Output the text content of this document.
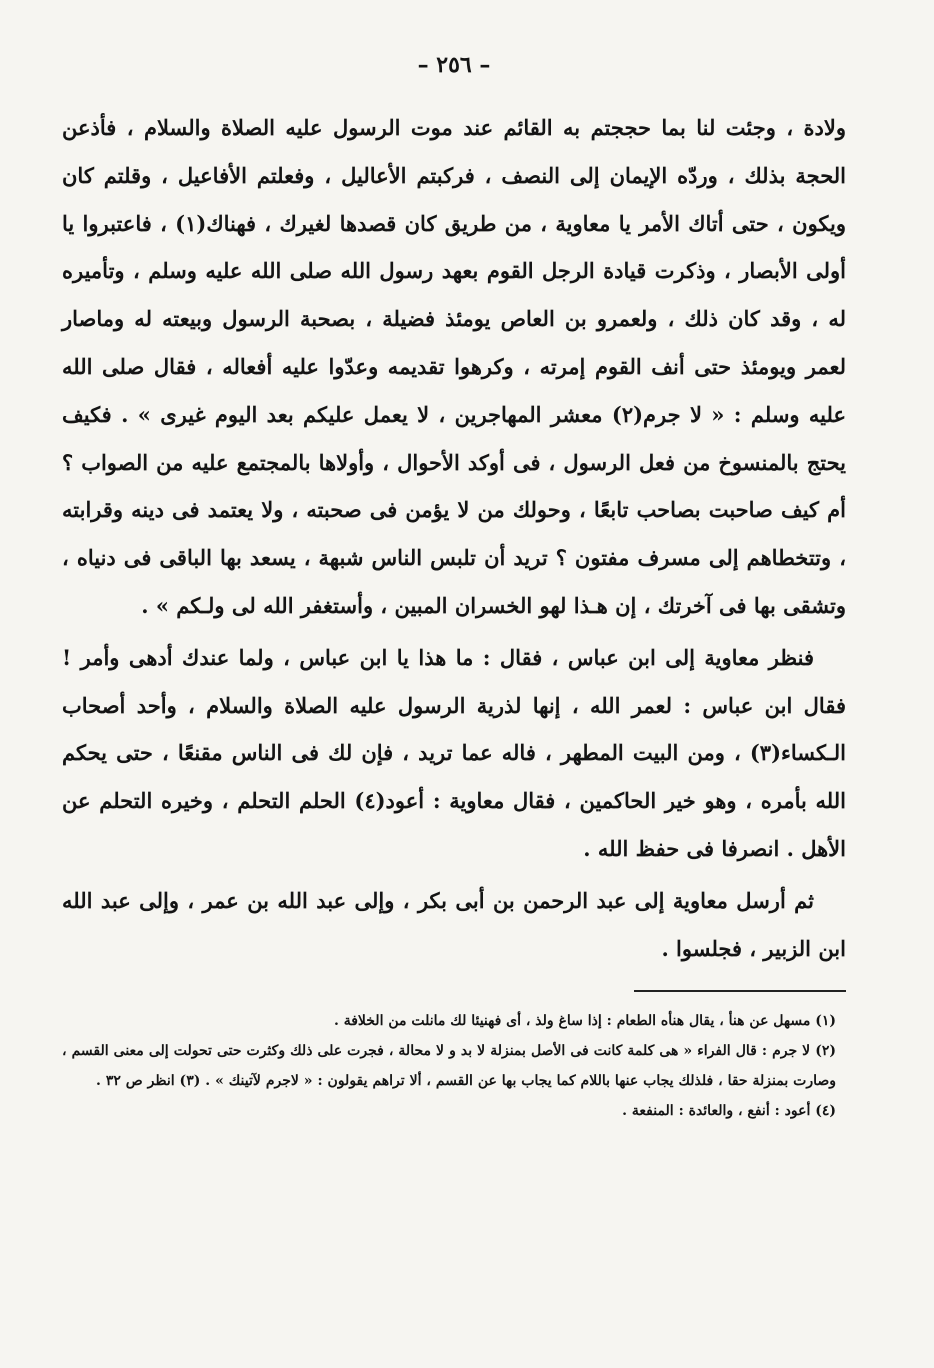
– ٢٥٦ –

ولادة ، وجئت لنا بما حججتم به القائم عند موت الرسول عليه الصلاة والسلام ، فأذعن الحجة بذلك ، وردّه الإيمان إلى النصف ، فركبتم الأعاليل ، وفعلتم الأفاعيل ، وقلتم كان ويكون ، حتى أتاك الأمر يا معاوية ، من طريق كان قصدها لغيرك ، فهناك(١) ، فاعتبروا يا أولى الأبصار ، وذكرت قيادة الرجل القوم بعهد رسول الله صلى الله عليه وسلم ، وتأميره له ، وقد كان ذلك ، ولعمرو بن العاص يومئذ فضيلة ، بصحبة الرسول وبيعته له وماصار لعمر ويومئذ حتى أنف القوم إمرته ، وكرهوا تقديمه وعدّوا عليه أفعاله ، فقال صلى الله عليه وسلم : « لا جرم(٢) معشر المهاجرين ، لا يعمل عليكم بعد اليوم غيرى » . فكيف يحتج بالمنسوخ من فعل الرسول ، فى أوكد الأحوال ، وأولاها بالمجتمع عليه من الصواب ؟ أم كيف صاحبت بصاحب تابعًا ، وحولك من لا يؤمن فى صحبته ، ولا يعتمد فى دينه وقرابته ، وتتخطاهم إلى مسرف مفتون ؟ تريد أن تلبس الناس شبهة ، يسعد بها الباقى فى دنياه ، وتشقى بها فى آخرتك ، إن هـذا لهو الخسران المبين ، وأستغفر الله لى ولـكم » .

فنظر معاوية إلى ابن عباس ، فقال : ما هذا يا ابن عباس ، ولما عندك أدهى وأمر ! فقال ابن عباس : لعمر الله ، إنها لذرية الرسول عليه الصلاة والسلام ، وأحد أصحاب الـكساء(٣) ، ومن البيت المطهر ، فاله عما تريد ، فإن لك فى الناس مقنعًا ، حتى يحكم الله بأمره ، وهو خير الحاكمين ، فقال معاوية : أعود(٤) الحلم التحلم ، وخيره التحلم عن الأهل . انصرفا فى حفظ الله .

ثم أرسل معاوية إلى عبد الرحمن بن أبى بكر ، وإلى عبد الله بن عمر ، وإلى عبد الله ابن الزبير ، فجلسوا .

(١) مسهل عن هنأ ، يقال هنأه الطعام : إذا ساغ ولذ ، أى فهنيئا لك مانلت من الخلافة .

(٢) لا جرم : قال الفراء « هى كلمة كانت فى الأصل بمنزلة لا بد و لا محالة ، فجرت على ذلك وكثرت حتى تحولت إلى معنى القسم ، وصارت بمنزلة حقا ، فلذلك يجاب عنها باللام كما يجاب بها عن القسم ، ألا تراهم يقولون : « لاجرم لآتينك » . (٣) انظر ص ٣٢ . (٤) أعود : أنفع ، والعائدة : المنفعة .
